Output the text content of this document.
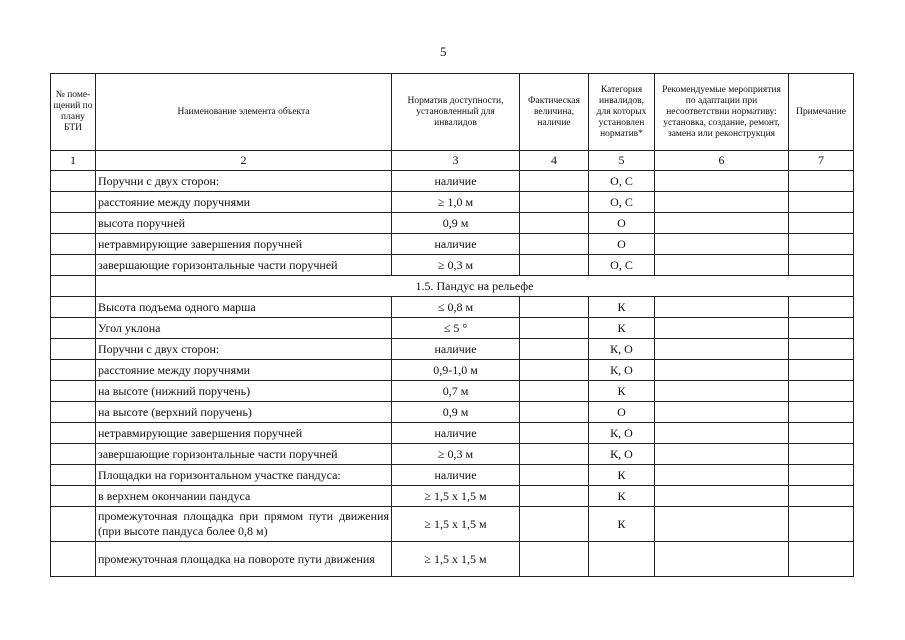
5
№ поме-щений по плану БТИ	Наименование элемента объекта	Норматив доступности, установленный для инвалидов	Фактическая величина, наличие	Категория инвалидов, для которых установлен норматив*	Рекомендуемые мероприятия по адаптации при несоответствии нормативу: установка, создание, ремонт, замена или реконструкция	Примечание
1	2	3	4	5	6	7
	Поручни с двух сторон:	наличие		О, С		
	расстояние между поручнями	≥ 1,0 м		О, С		
	высота поручней	0,9 м		О		
	нетравмирующие завершения поручней	наличие		О		
	завершающие горизонтальные части поручней	≥ 0,3 м		О, С		
	1.5. Пандус на рельефе					
	Высота подъема одного марша	≤ 0,8 м		К		
	Угол уклона	≤ 5 °		К		
	Поручни с двух сторон:	наличие		К, О		
	расстояние между поручнями	0,9-1,0 м		К, О		
	на высоте (нижний поручень)	0,7 м		К		
	на высоте (верхний поручень)	0,9 м		О		
	нетравмирующие завершения поручней	наличие		К, О		
	завершающие горизонтальные части поручней	≥ 0,3 м		К, О		
	Площадки на горизонтальном участке пандуса:	наличие		К		
	в верхнем окончании пандуса	≥ 1,5 х 1,5 м		К		
	промежуточная площадка при прямом пути движения (при высоте пандуса более 0,8 м)	≥ 1,5 х 1,5 м		К		
	промежуточная площадка на повороте пути движения	≥ 1,5 х 1,5 м				
